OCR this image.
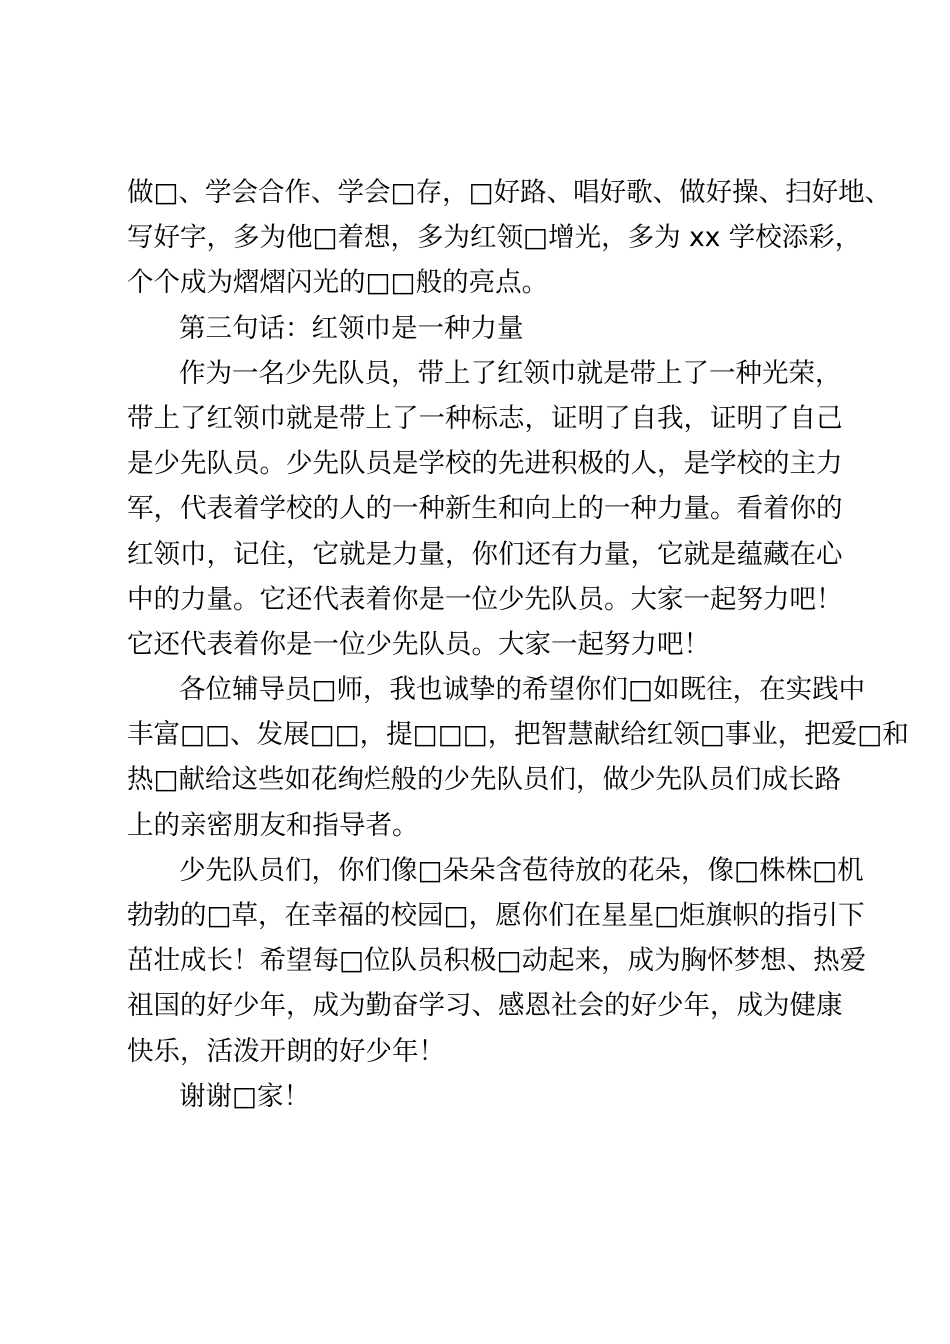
做□、学会合作、学会□存，□好路、唱好歌、做好操、扫好地、
写好字，多为他□着想，多为红领□增光，多为 xx 学校添彩，
个个成为熠熠闪光的□□般的亮点。
第三句话：红领巾是一种力量
作为一名少先队员，带上了红领巾就是带上了一种光荣，
带上了红领巾就是带上了一种标志，证明了自我，证明了自己
是少先队员。少先队员是学校的先进积极的人，是学校的主力
军，代表着学校的人的一种新生和向上的一种力量。看着你的
红领巾，记住，它就是力量，你们还有力量，它就是蕴藏在心
中的力量。它还代表着你是一位少先队员。大家一起努力吧！
它还代表着你是一位少先队员。大家一起努力吧！
各位辅导员□师，我也诚挚的希望你们□如既往，在实践中
丰富□□、发展□□，提□□□，把智慧献给红领□事业，把爱□和
热□献给这些如花绚烂般的少先队员们，做少先队员们成长路
上的亲密朋友和指导者。
少先队员们，你们像□朵朵含苞待放的花朵，像□株株□机
勃勃的□草，在幸福的校园□，愿你们在星星□炬旗帜的指引下
茁壮成长！希望每□位队员积极□动起来，成为胸怀梦想、热爱
祖国的好少年，成为勤奋学习、感恩社会的好少年，成为健康
快乐，活泼开朗的好少年！
谢谢□家！
